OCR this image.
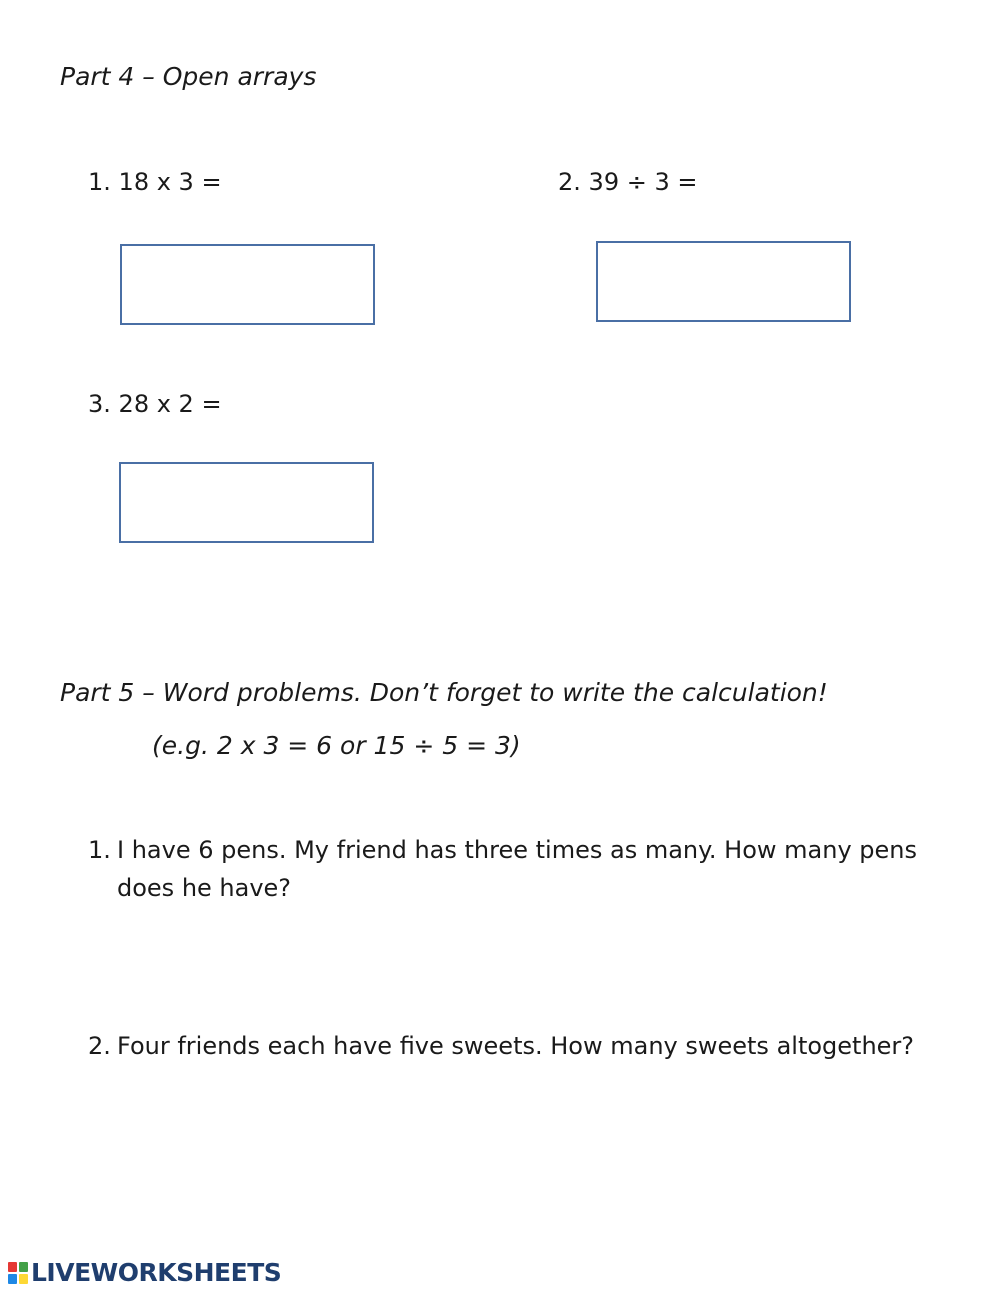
Part 4 – Open arrays
1. 18 x 3 =	2. 39 ÷ 3 =
3. 28 x 2 =
Part 5 – Word problems. Don’t forget to write the calculation!
(e.g. 2 x 3 = 6 or 15 ÷ 5 = 3)
1. I have 6 pens. My friend has three times as many. How many pens
does he have?
2. Four friends each have five sweets. How many sweets altogether?
LIVEWORKSHEETS
